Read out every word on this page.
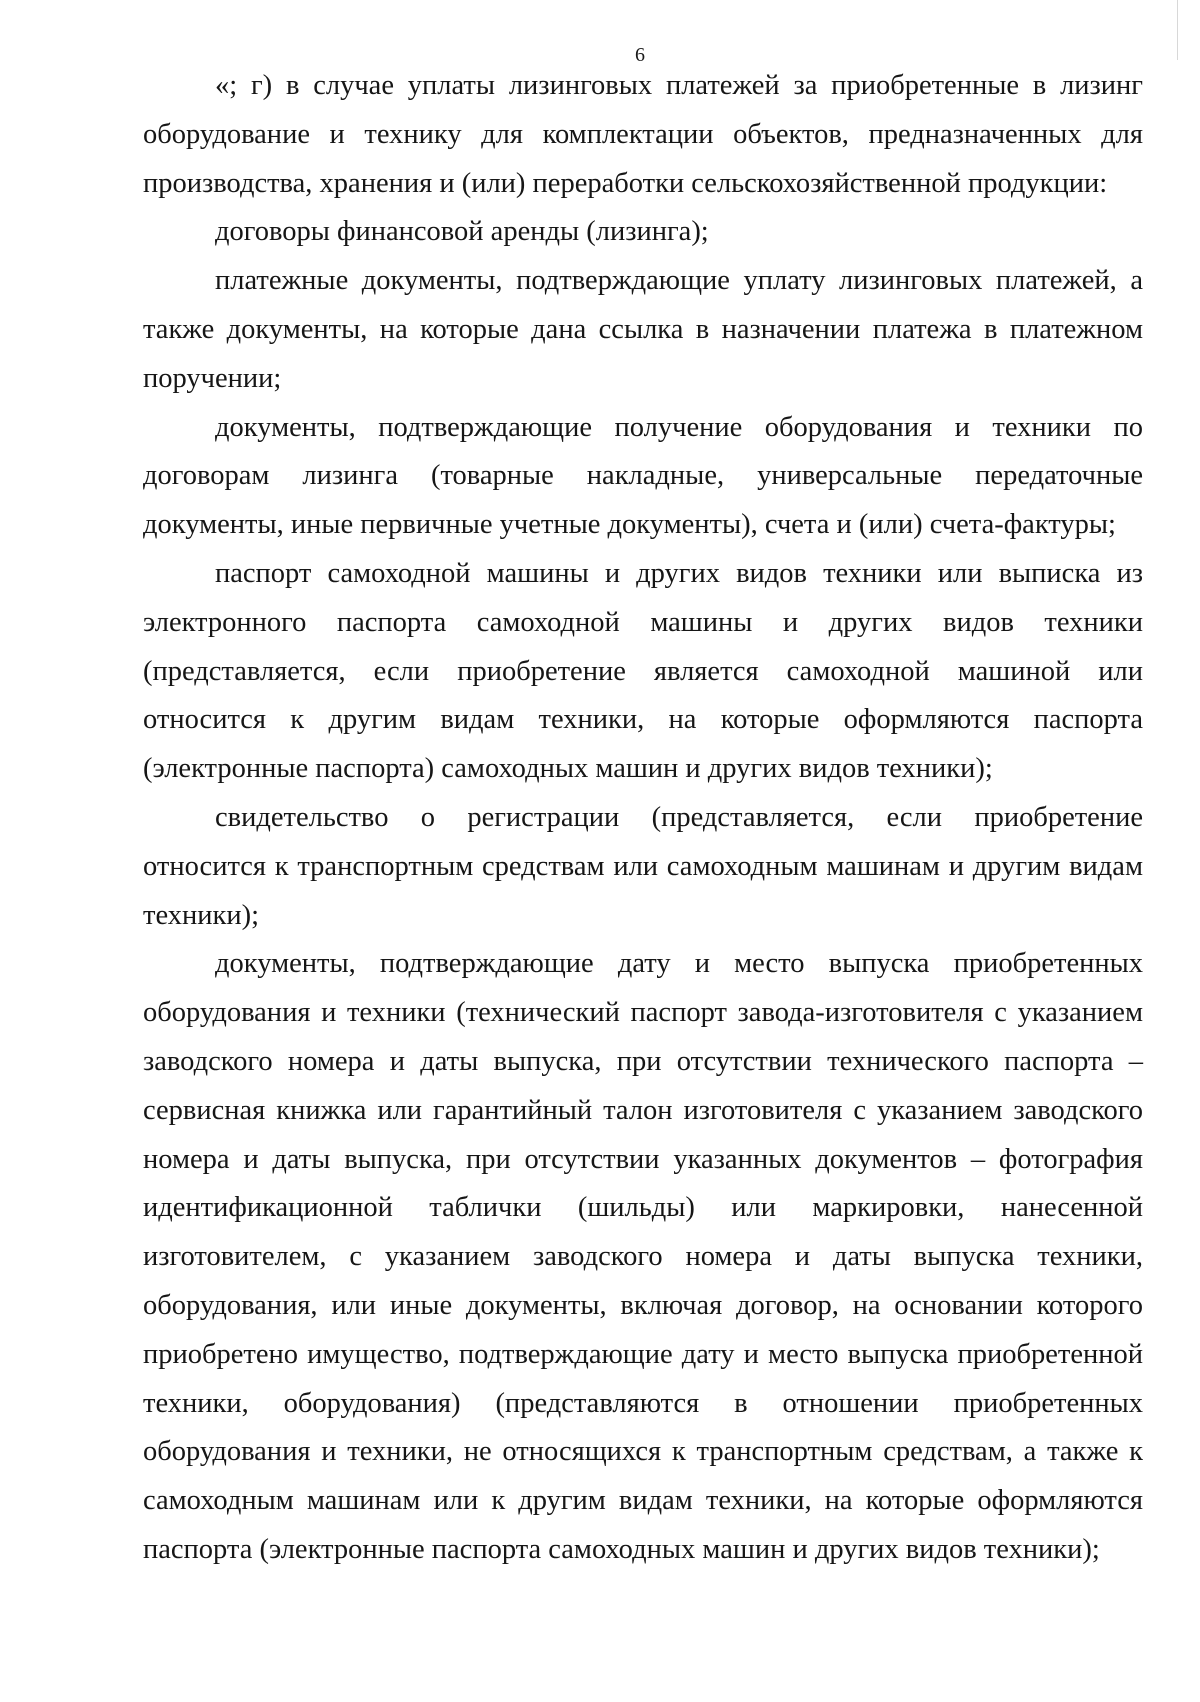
6

«; г) в случае уплаты лизинговых платежей за приобретенные в лизинг оборудование и технику для комплектации объектов, предназначенных для производства, хранения и (или) переработки сельскохозяйственной продукции:

договоры финансовой аренды (лизинга);

платежные документы, подтверждающие уплату лизинговых платежей, а также документы, на которые дана ссылка в назначении платежа в платежном поручении;

документы, подтверждающие получение оборудования и техники по договорам лизинга (товарные накладные, универсальные передаточные документы, иные первичные учетные документы), счета и (или) счета-фактуры;

паспорт самоходной машины и других видов техники или выписка из электронного паспорта самоходной машины и других видов техники (представляется, если приобретение является самоходной машиной или относится к другим видам техники, на которые оформляются паспорта (электронные паспорта) самоходных машин и других видов техники);

свидетельство о регистрации (представляется, если приобретение относится к транспортным средствам или самоходным машинам и другим видам техники);

документы, подтверждающие дату и место выпуска приобретенных оборудования и техники (технический паспорт завода-изготовителя с указанием заводского номера и даты выпуска, при отсутствии технического паспорта – сервисная книжка или гарантийный талон изготовителя с указанием заводского номера и даты выпуска, при отсутствии указанных документов – фотография идентификационной таблички (шильды) или маркировки, нанесенной изготовителем, с указанием заводского номера и даты выпуска техники, оборудования, или иные документы, включая договор, на основании которого приобретено имущество, подтверждающие дату и место выпуска приобретенной техники, оборудования) (представляются в отношении приобретенных оборудования и техники, не относящихся к транспортным средствам, а также к самоходным машинам или к другим видам техники, на которые оформляются паспорта (электронные паспорта самоходных машин и других видов техники);
